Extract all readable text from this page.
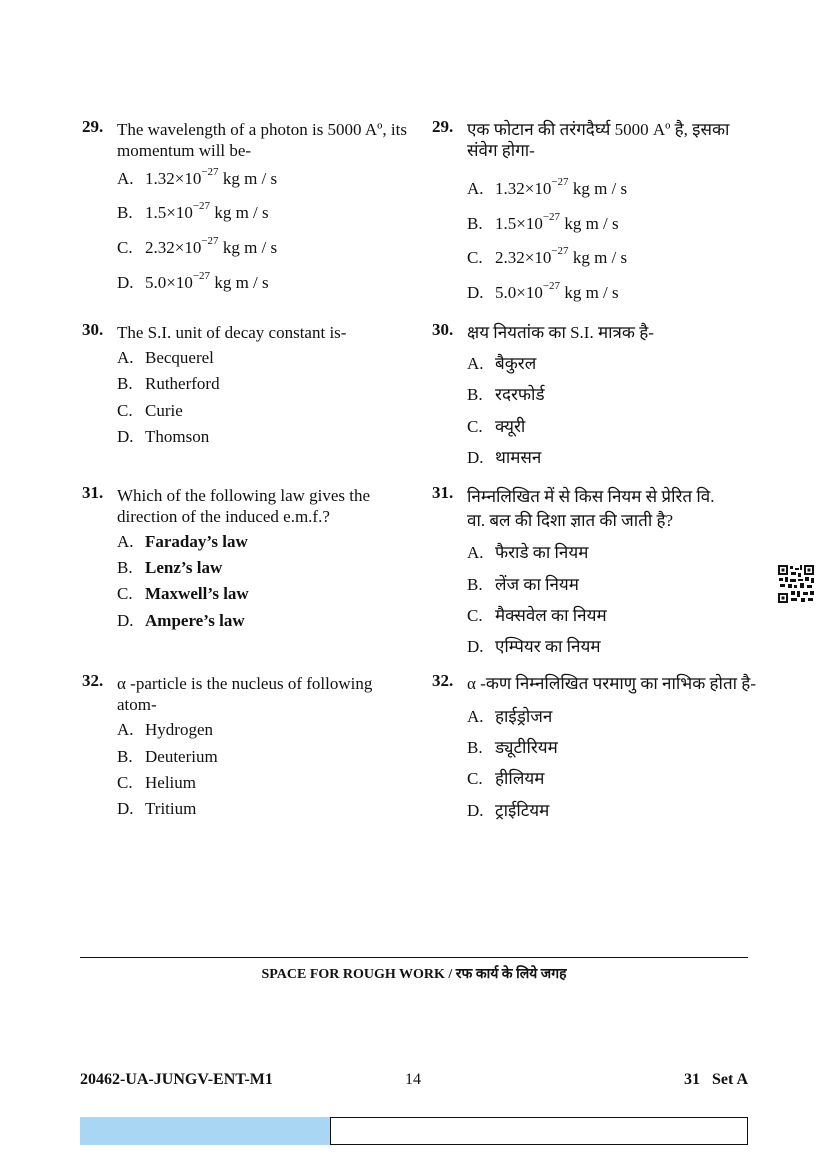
29. The wavelength of a photon is 5000 Aº, its momentum will be-
A. $1.32\times 10^{-27}$ kg m / s
B. $1.5\times 10^{-27}$ kg m / s
C. $2.32\times 10^{-27}$ kg m / s
D. $5.0\times 10^{-27}$ kg m / s
30. The S.I. unit of decay constant is-
A. Becquerel
B. Rutherford
C. Curie
D. Thomson
31. Which of the following law gives the direction of the induced e.m.f.?
A. Faraday’s law
B. Lenz’s law
C. Maxwell’s law
D. Ampere’s law
32. α -particle is the nucleus of following atom-
A. Hydrogen
B. Deuterium
C. Helium
D. Tritium
29. एक फोटान की तरंगदैर्घ्य 5000 Aº है, इसका संवेग होगा-
A. $1.32\times 10^{-27}$ kg m / s
B. $1.5\times 10^{-27}$ kg m / s
C. $2.32\times 10^{-27}$ kg m / s
D. $5.0\times 10^{-27}$ kg m / s
30. क्षय नियतांक का S.I. मात्रक है-
A. बैकुरल
B. रदरफोर्ड
C. क्यूरी
D. थामसन
31. निम्नलिखित में से किस नियम से प्रेरित वि. वा. बल की दिशा ज्ञात की जाती है?
A. फैराडे का नियम
B. लेंज का नियम
C. मैक्सवेल का नियम
D. एम्पियर का नियम
32. α -कण निम्नलिखित परमाणु का नाभिक होता है-
A. हाईड्रोजन
B. ड्यूटीरियम
C. हीलियम
D. ट्राईटियम
SPACE FOR ROUGH WORK / रफ कार्य के लिये जगह
20462-UA-JUNGV-ENT-M1	14	31   Set A
